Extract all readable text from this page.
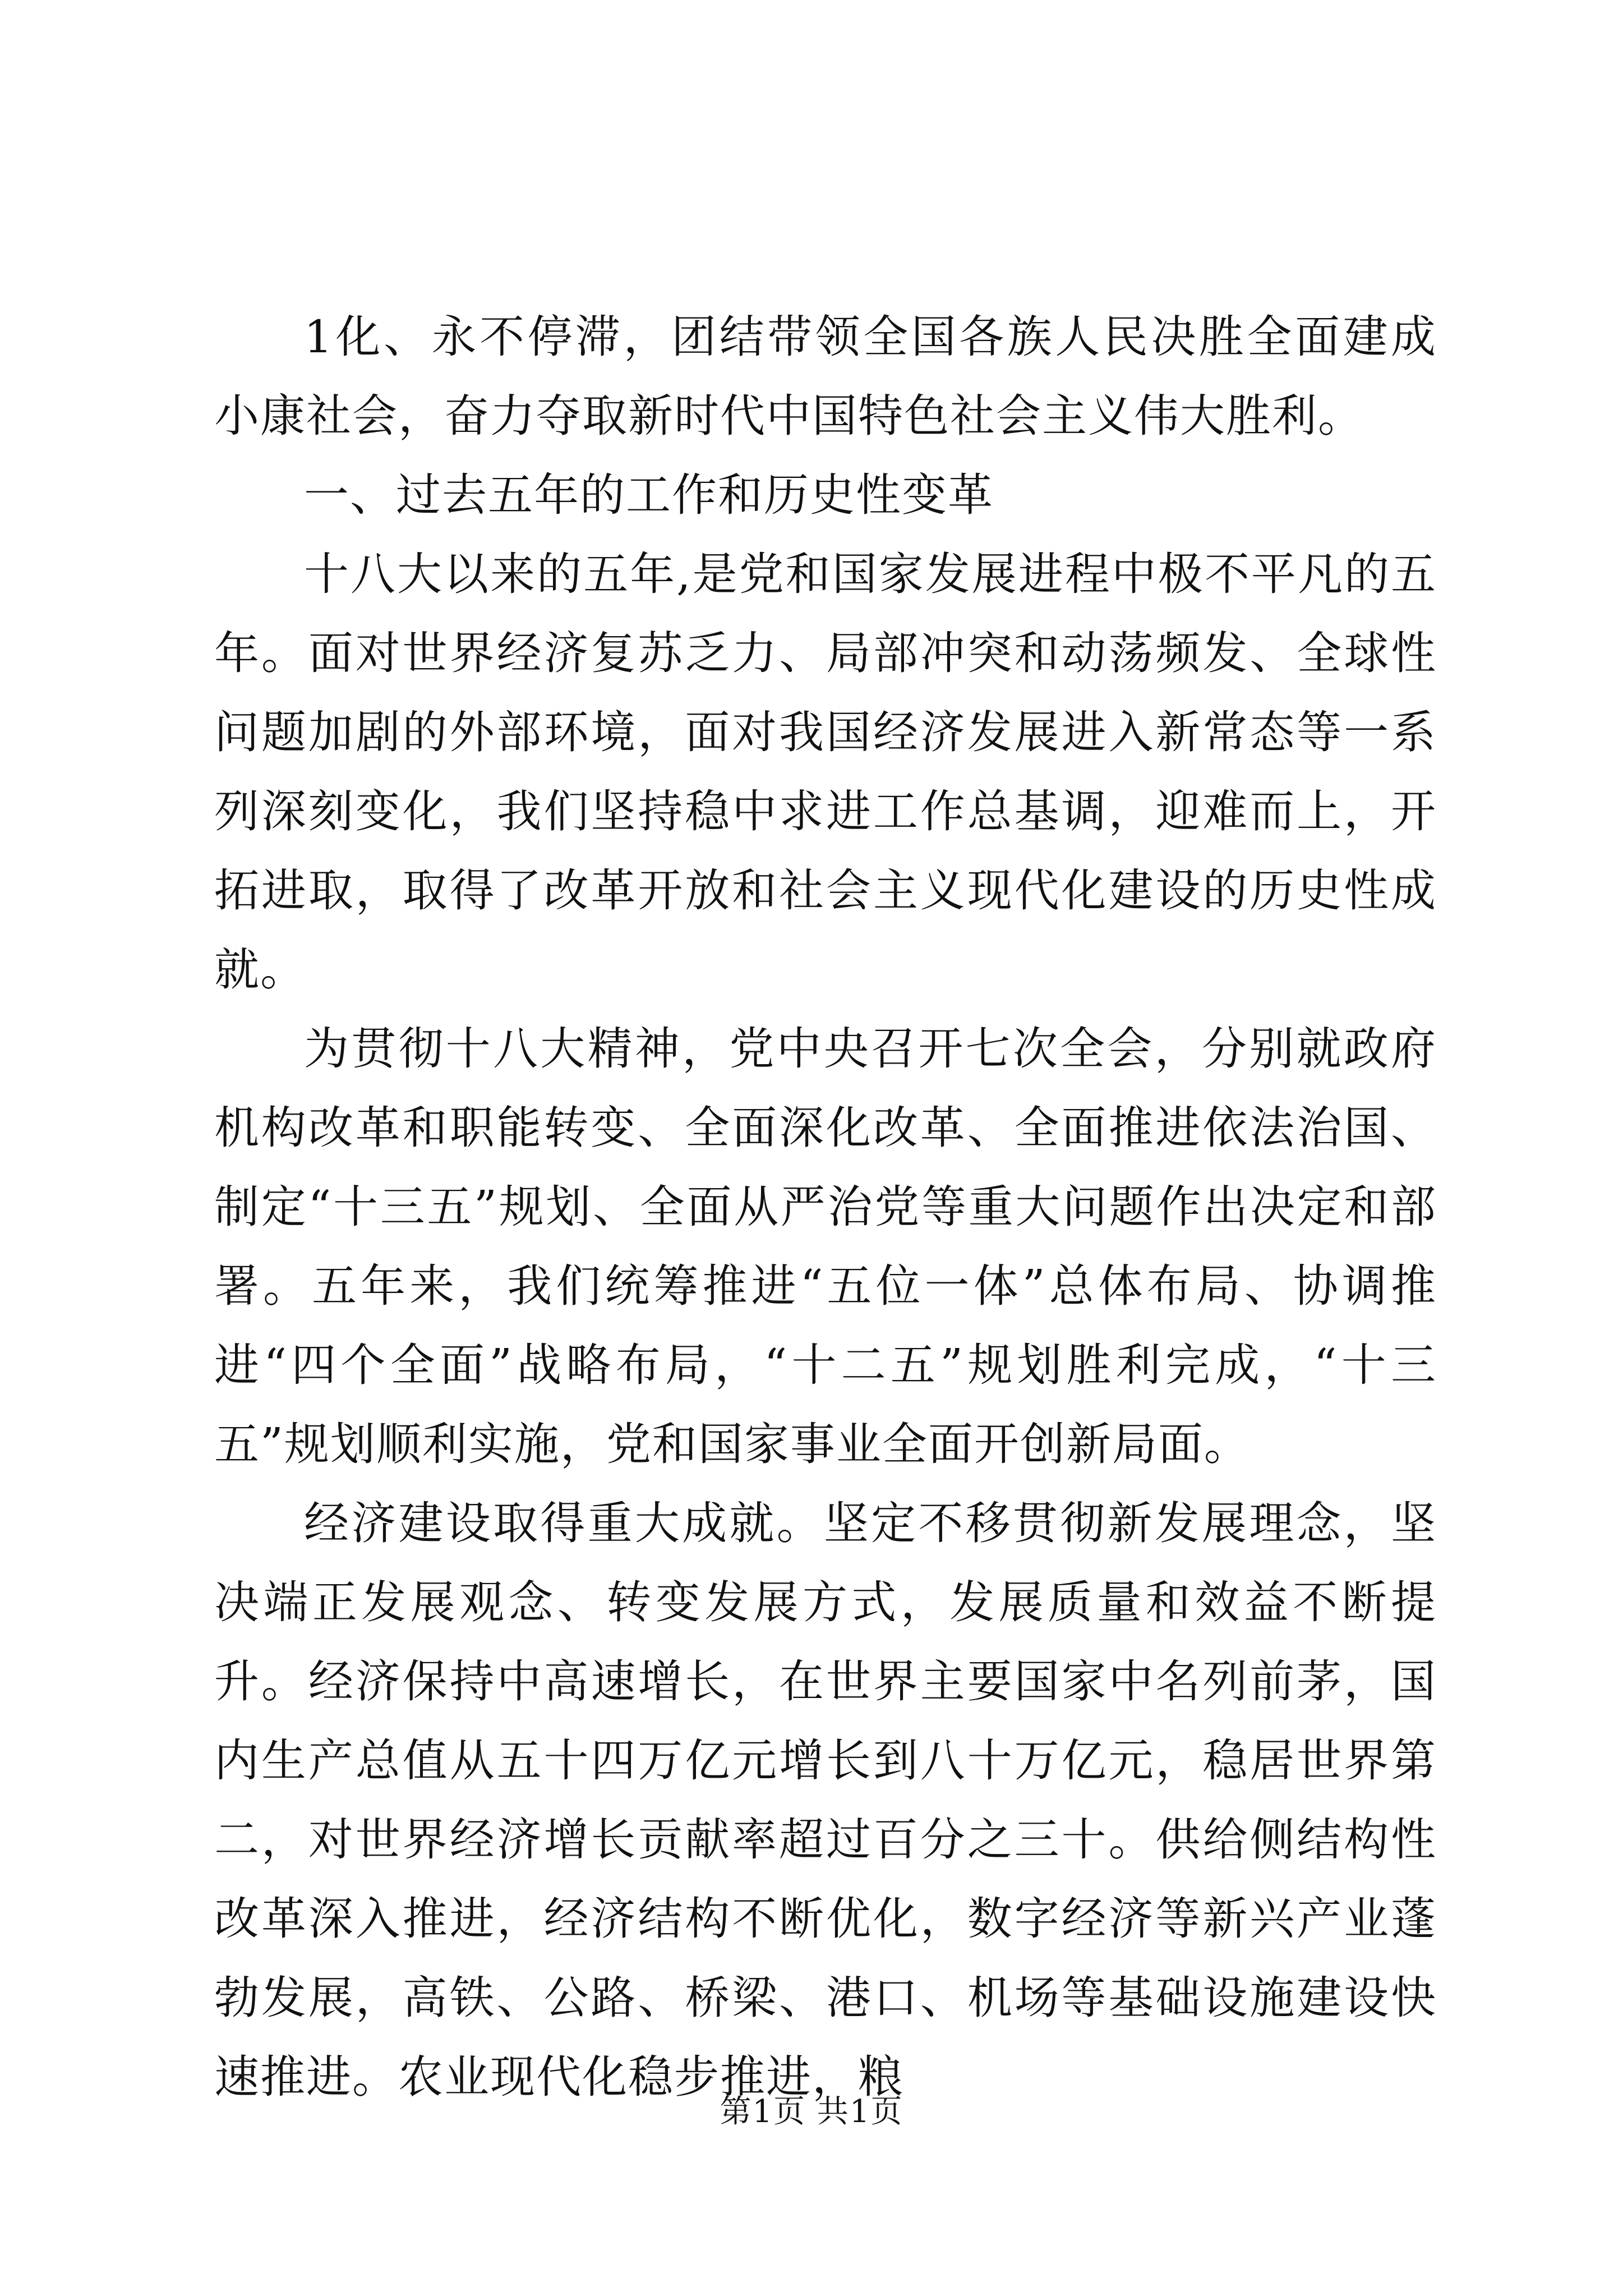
1化、永不停滞，团结带领全国各族人民决胜全面建成小康社会，奋力夺取新时代中国特色社会主义伟大胜利。

一、过去五年的工作和历史性变革

十八大以来的五年,是党和国家发展进程中极不平凡的五年。面对世界经济复苏乏力、局部冲突和动荡频发、全球性问题加剧的外部环境，面对我国经济发展进入新常态等一系列深刻变化，我们坚持稳中求进工作总基调，迎难而上，开拓进取，取得了改革开放和社会主义现代化建设的历史性成就。

为贯彻十八大精神，党中央召开七次全会，分别就政府机构改革和职能转变、全面深化改革、全面推进依法治国、制定“十三五”规划、全面从严治党等重大问题作出决定和部署。五年来，我们统筹推进“五位一体”总体布局、协调推进“四个全面”战略布局，“十二五”规划胜利完成，“十三五”规划顺利实施，党和国家事业全面开创新局面。

经济建设取得重大成就。坚定不移贯彻新发展理念，坚决端正发展观念、转变发展方式，发展质量和效益不断提升。经济保持中高速增长，在世界主要国家中名列前茅，国内生产总值从五十四万亿元增长到八十万亿元，稳居世界第二，对世界经济增长贡献率超过百分之三十。供给侧结构性改革深入推进，经济结构不断优化，数字经济等新兴产业蓬勃发展，高铁、公路、桥梁、港口、机场等基础设施建设快速推进。农业现代化稳步推进，粮

第1页 共1页
